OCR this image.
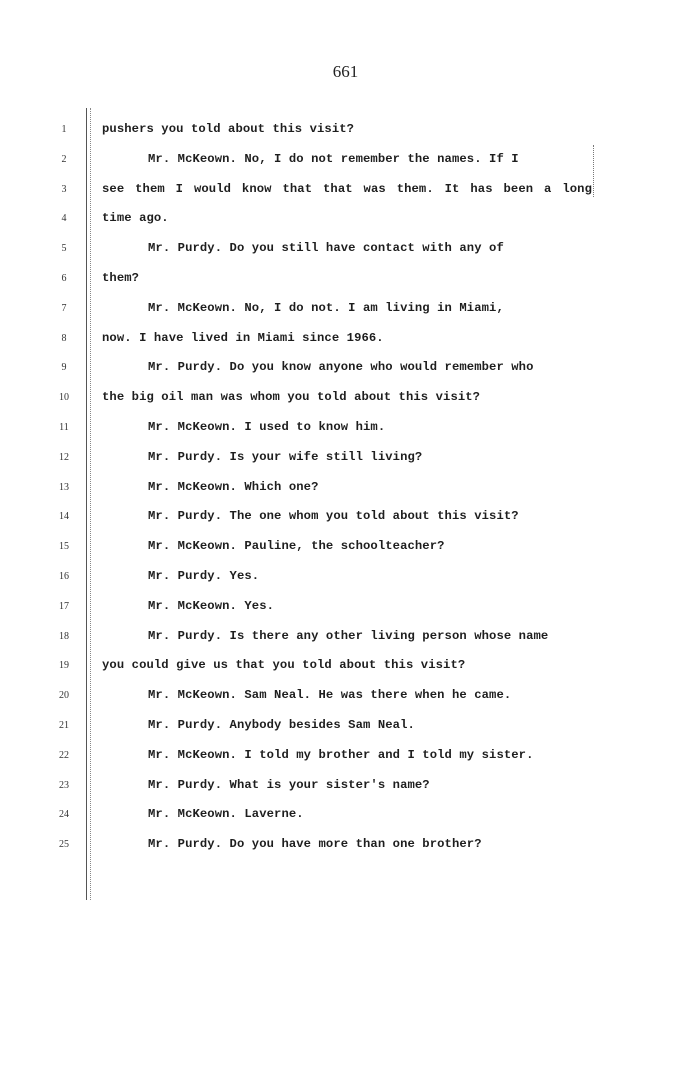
661
1	pushers you told about this visit?
2	Mr. McKeown. No, I do not remember the names. If I
3	see them I would know that that was them. It has been a long
4	time ago.
5	Mr. Purdy. Do you still have contact with any of
6	them?
7	Mr. McKeown. No, I do not. I am living in Miami,
8	now. I have lived in Miami since 1966.
9	Mr. Purdy. Do you know anyone who would remember who
10	the big oil man was whom you told about this visit?
11	Mr. McKeown. I used to know him.
12	Mr. Purdy. Is your wife still living?
13	Mr. McKeown. Which one?
14	Mr. Purdy. The one whom you told about this visit?
15	Mr. McKeown. Pauline, the schoolteacher?
16	Mr. Purdy. Yes.
17	Mr. McKeown. Yes.
18	Mr. Purdy. Is there any other living person whose name
19	you could give us that you told about this visit?
20	Mr. McKeown. Sam Neal. He was there when he came.
21	Mr. Purdy. Anybody besides Sam Neal.
22	Mr. McKeown. I told my brother and I told my sister.
23	Mr. Purdy. What is your sister's name?
24	Mr. McKeown. Laverne.
25	Mr. Purdy. Do you have more than one brother?
